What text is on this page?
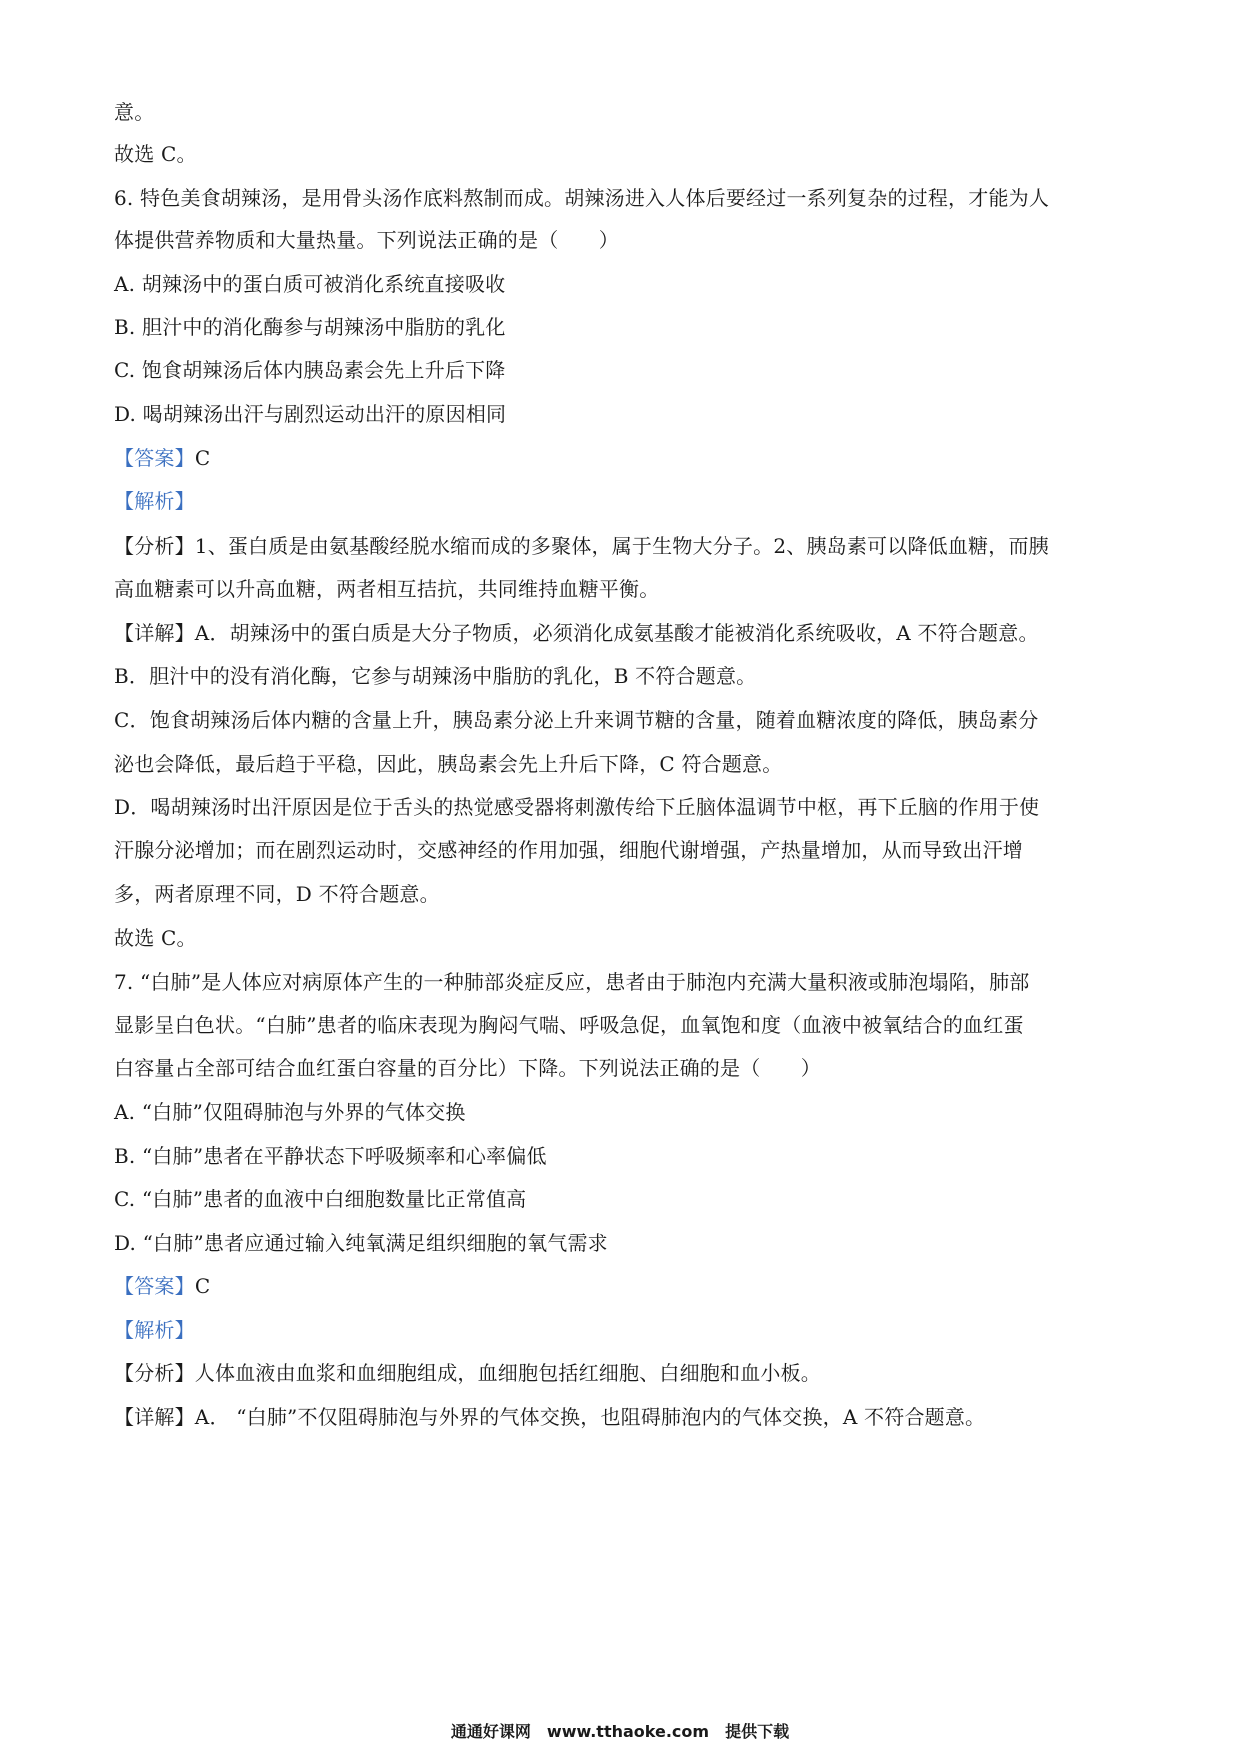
意。
故选 C。
6. 特色美食胡辣汤，是用骨头汤作底料熬制而成。胡辣汤进入人体后要经过一系列复杂的过程，才能为人
体提供营养物质和大量热量。下列说法正确的是（　　）
A. 胡辣汤中的蛋白质可被消化系统直接吸收
B. 胆汁中的消化酶参与胡辣汤中脂肪的乳化
C. 饱食胡辣汤后体内胰岛素会先上升后下降
D. 喝胡辣汤出汗与剧烈运动出汗的原因相同
【答案】C
【解析】
【分析】1、蛋白质是由氨基酸经脱水缩而成的多聚体，属于生物大分子。2、胰岛素可以降低血糖，而胰
高血糖素可以升高血糖，两者相互拮抗，共同维持血糖平衡。
【详解】A．胡辣汤中的蛋白质是大分子物质，必须消化成氨基酸才能被消化系统吸收，A 不符合题意。
B．胆汁中的没有消化酶，它参与胡辣汤中脂肪的乳化，B 不符合题意。
C．饱食胡辣汤后体内糖的含量上升，胰岛素分泌上升来调节糖的含量，随着血糖浓度的降低，胰岛素分
泌也会降低，最后趋于平稳，因此，胰岛素会先上升后下降，C 符合题意。
D．喝胡辣汤时出汗原因是位于舌头的热觉感受器将刺激传给下丘脑体温调节中枢，再下丘脑的作用于使
汗腺分泌增加；而在剧烈运动时，交感神经的作用加强，细胞代谢增强，产热量增加，从而导致出汗增
多，两者原理不同，D 不符合题意。
故选 C。
7. “白肺”是人体应对病原体产生的一种肺部炎症反应，患者由于肺泡内充满大量积液或肺泡塌陷，肺部
显影呈白色状。“白肺”患者的临床表现为胸闷气喘、呼吸急促，血氧饱和度（血液中被氧结合的血红蛋
白容量占全部可结合血红蛋白容量的百分比）下降。下列说法正确的是（　　）
A. “白肺”仅阻碍肺泡与外界的气体交换
B. “白肺”患者在平静状态下呼吸频率和心率偏低
C. “白肺”患者的血液中白细胞数量比正常值高
D. “白肺”患者应通过输入纯氧满足组织细胞的氧气需求
【答案】C
【解析】
【分析】人体血液由血浆和血细胞组成，血细胞包括红细胞、白细胞和血小板。
【详解】A． “白肺”不仅阻碍肺泡与外界的气体交换，也阻碍肺泡内的气体交换，A 不符合题意。
通通好课网　www.tthaoke.com　提供下载
